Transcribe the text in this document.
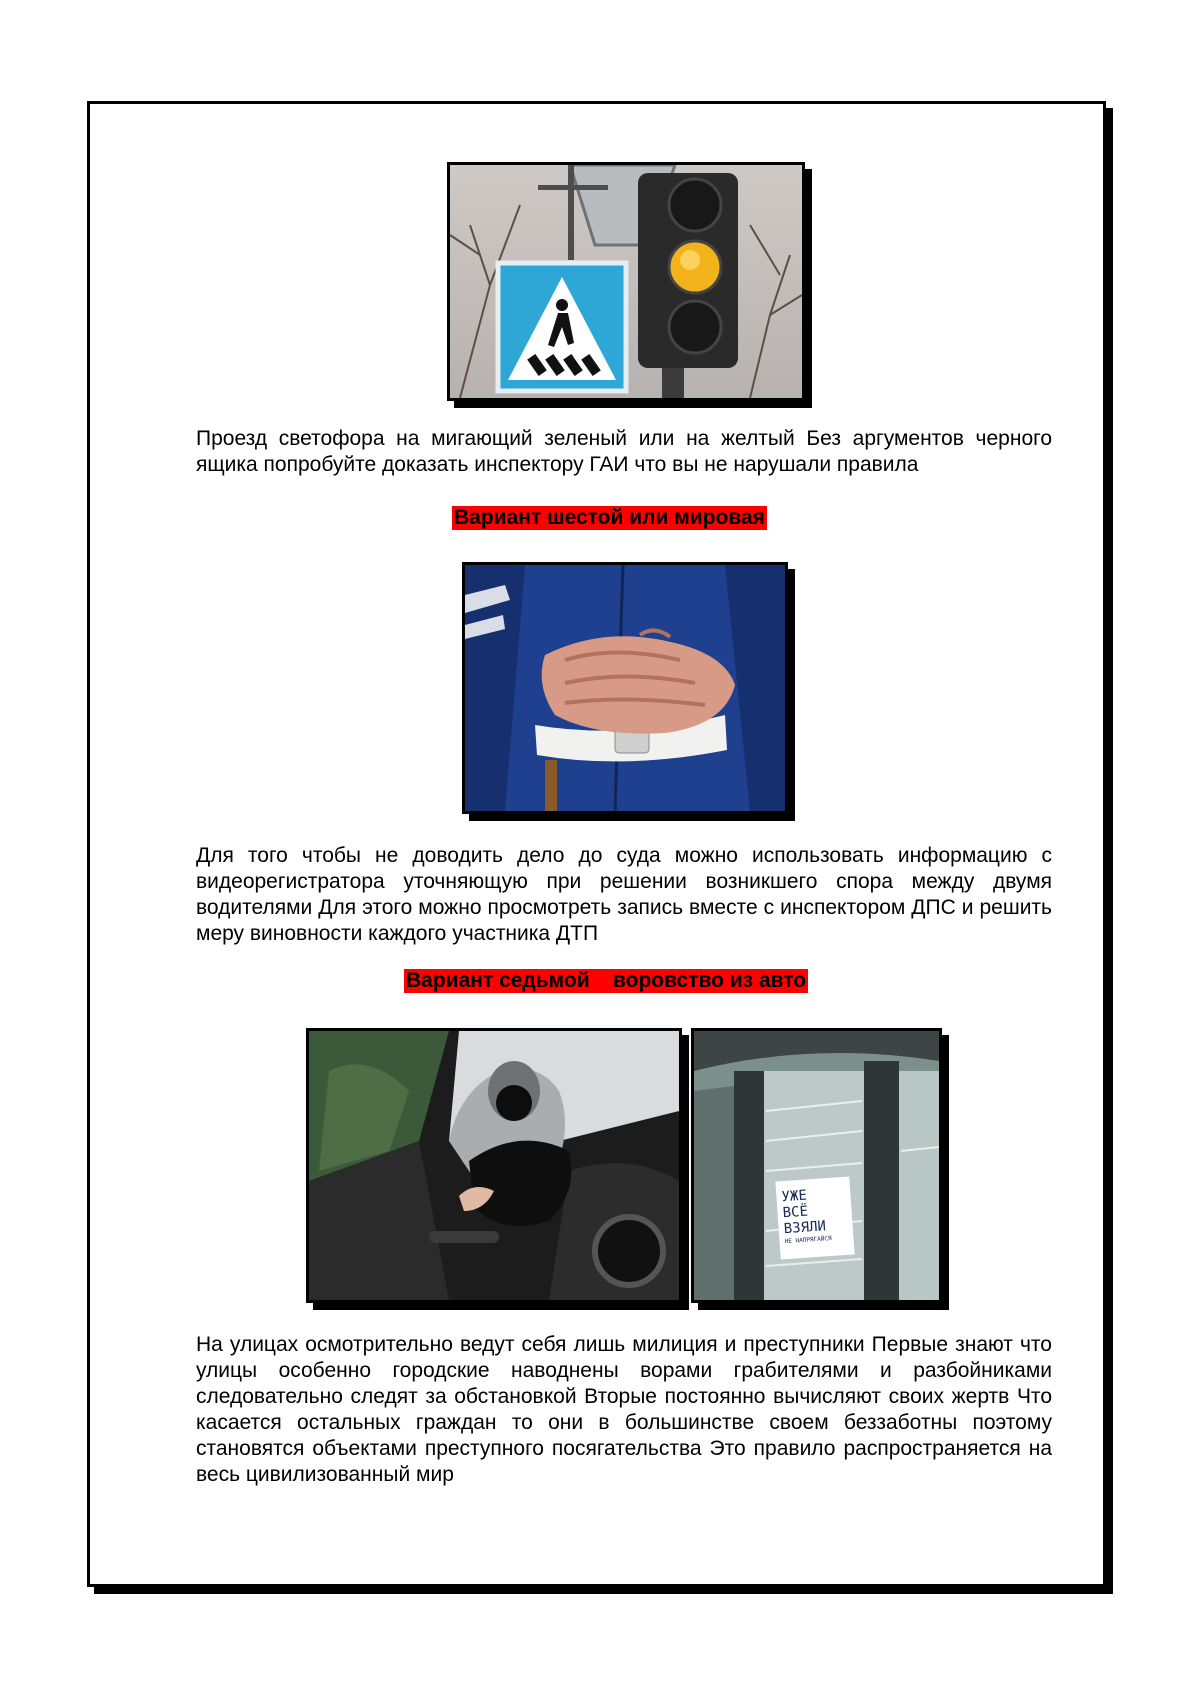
Проезд светофора на мигающий зеленый или на желтый Без аргументов черного ящика попробуйте доказать инспектору ГАИ что вы не нарушали правила

Вариант шестой или мировая

Для того чтобы не доводить дело до суда можно использовать информацию с видеорегистратора уточняющую при решении возникшего спора между двумя водителями Для этого можно просмотреть запись вместе с инспектором ДПС и решить меру виновности каждого участника ДТП

Вариант седьмой    воровство из авто
УЖЕ
ВСЁ
ВЗЯЛИ
НЕ НАПРЯГАЙСЯ

На улицах осмотрительно ведут себя лишь милиция и преступники Первые знают что улицы особенно городские наводнены ворами грабителями и разбойниками следовательно следят за обстановкой Вторые постоянно вычисляют своих жертв Что касается остальных граждан то они в большинстве своем беззаботны поэтому становятся объектами преступного посягательства Это правило распространяется на весь цивилизованный мир
